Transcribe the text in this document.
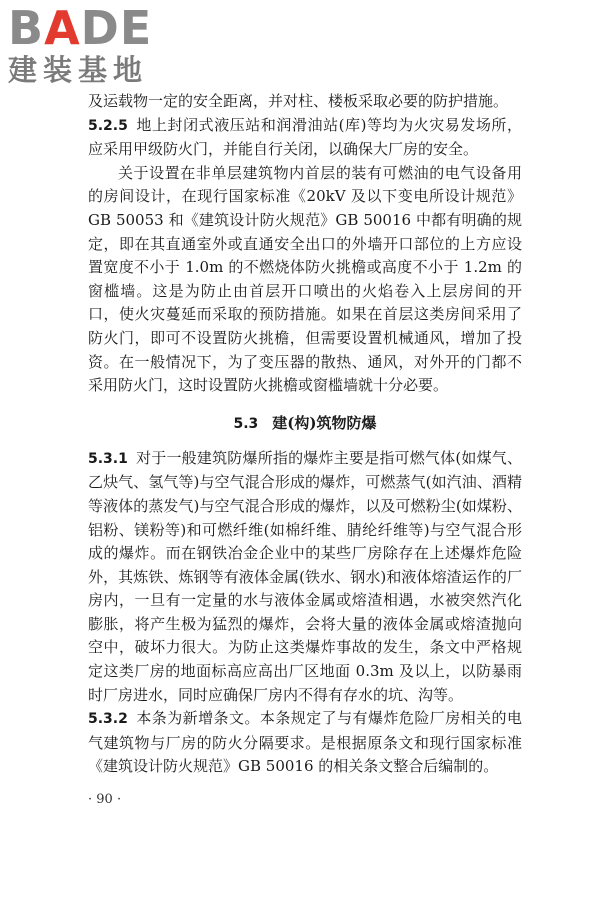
BADE
建装基地

及运载物一定的安全距离，并对柱、楼板采取必要的防护措施。

5.2.5 地上封闭式液压站和润滑油站(库)等均为火灾易发场所，应采用甲级防火门，并能自行关闭，以确保大厂房的安全。

关于设置在非单层建筑物内首层的装有可燃油的电气设备用的房间设计，在现行国家标准《20kV 及以下变电所设计规范》GB 50053 和《建筑设计防火规范》GB 50016 中都有明确的规定，即在其直通室外或直通安全出口的外墙开口部位的上方应设置宽度不小于 1.0m 的不燃烧体防火挑檐或高度不小于 1.2m 的窗槛墙。这是为防止由首层开口喷出的火焰卷入上层房间的开口，使火灾蔓延而采取的预防措施。如果在首层这类房间采用了防火门，即可不设置防火挑檐，但需要设置机械通风，增加了投资。在一般情况下，为了变压器的散热、通风，对外开的门都不采用防火门，这时设置防火挑檐或窗槛墙就十分必要。

5.3 建(构)筑物防爆

5.3.1 对于一般建筑防爆所指的爆炸主要是指可燃气体(如煤气、乙炔气、氢气等)与空气混合形成的爆炸，可燃蒸气(如汽油、酒精等液体的蒸发气)与空气混合形成的爆炸，以及可燃粉尘(如煤粉、铝粉、镁粉等)和可燃纤维(如棉纤维、腈纶纤维等)与空气混合形成的爆炸。而在钢铁冶金企业中的某些厂房除存在上述爆炸危险外，其炼铁、炼钢等有液体金属(铁水、钢水)和液体熔渣运作的厂房内，一旦有一定量的水与液体金属或熔渣相遇，水被突然汽化膨胀，将产生极为猛烈的爆炸，会将大量的液体金属或熔渣抛向空中，破坏力很大。为防止这类爆炸事故的发生，条文中严格规定这类厂房的地面标高应高出厂区地面 0.3m 及以上，以防暴雨时厂房进水，同时应确保厂房内不得有存水的坑、沟等。

5.3.2 本条为新增条文。本条规定了与有爆炸危险厂房相关的电气建筑物与厂房的防火分隔要求。是根据原条文和现行国家标准《建筑设计防火规范》GB 50016 的相关条文整合后编制的。

· 90 ·
